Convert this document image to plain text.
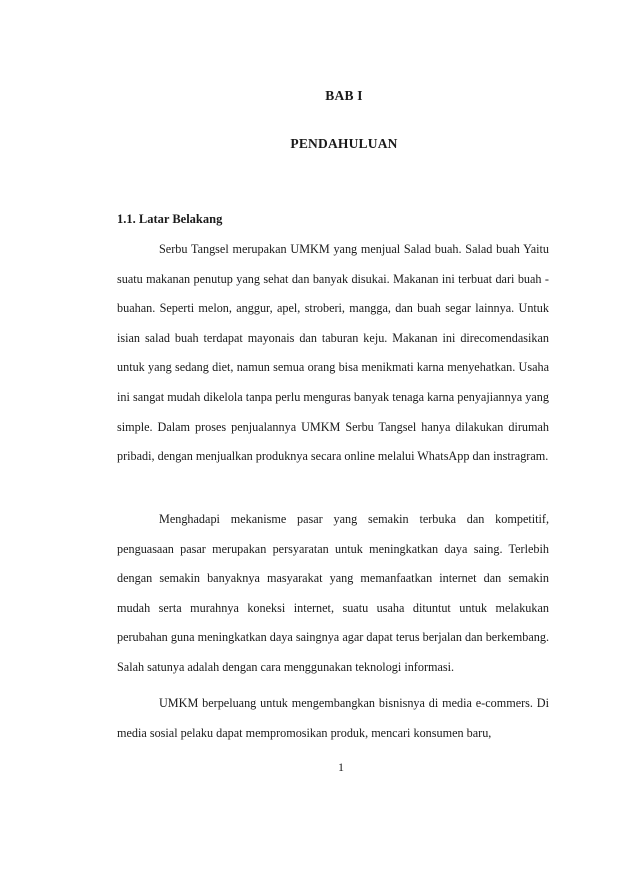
BAB I
PENDAHULUAN
1.1. Latar Belakang

Serbu Tangsel merupakan UMKM yang menjual Salad buah. Salad buah Yaitu suatu makanan penutup yang sehat dan banyak disukai. Makanan ini terbuat dari buah -buahan. Seperti melon, anggur, apel, stroberi, mangga, dan buah segar lainnya. Untuk isian salad buah terdapat mayonais dan taburan keju. Makanan ini direcomendasikan untuk yang sedang diet, namun semua orang bisa menikmati karna menyehatkan. Usaha ini sangat mudah dikelola tanpa perlu menguras banyak tenaga karna penyajiannya yang simple. Dalam proses penjualannya UMKM Serbu Tangsel hanya dilakukan dirumah pribadi, dengan menjualkan produknya secara online melalui WhatsApp dan instragram.

Menghadapi mekanisme pasar yang semakin terbuka dan kompetitif, penguasaan pasar merupakan persyaratan untuk meningkatkan daya saing. Terlebih dengan semakin banyaknya masyarakat yang memanfaatkan internet dan semakin mudah serta murahnya koneksi internet, suatu usaha dituntut untuk melakukan perubahan guna meningkatkan daya saingnya agar dapat terus berjalan dan berkembang. Salah satunya adalah dengan cara menggunakan teknologi informasi.

UMKM berpeluang untuk mengembangkan bisnisnya di media e-commers. Di media sosial pelaku dapat mempromosikan produk, mencari konsumen baru,

1
